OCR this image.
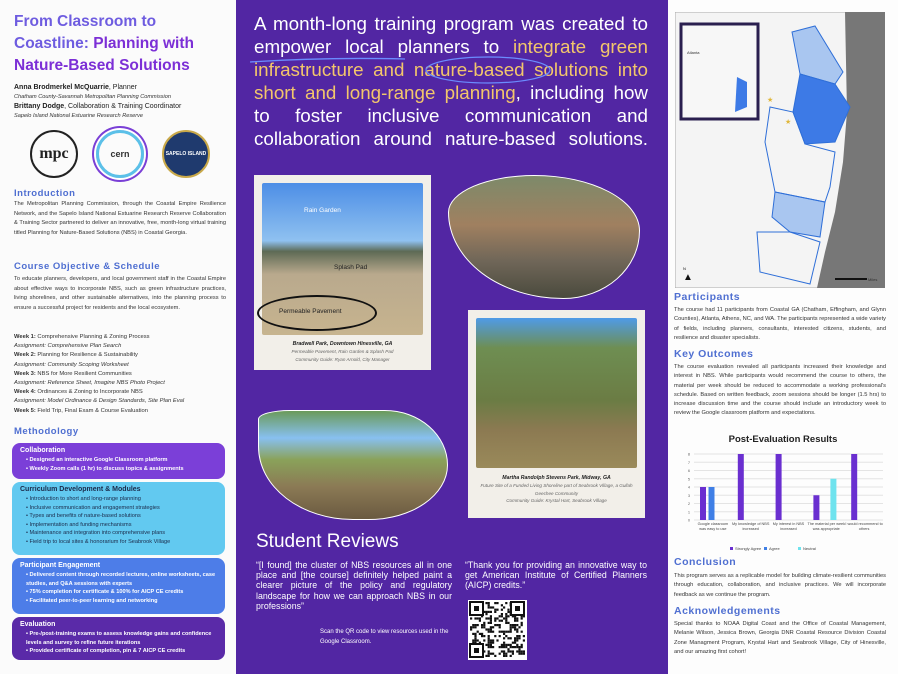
From Classroom to
Coastline: Planning with
Nature-Based Solutions
Anna Brodmerkel McQuarrie, Planner
Chatham County-Savannah Metropolitan Planning Commission
Brittany Dodge, Collaboration & Training Coordinator
Sapelo Island National Estuarine Research Reserve
mpc	cern	SAPELO ISLAND
Introduction
The Metropolitan Planning Commission, through the Coastal Empire Resilience Network, and the Sapelo Island National Estuarine Research Reserve Collaboration & Training Sector partnered to deliver an innovative, free, month-long virtual training titled Planning for Nature-Based Solutions (NBS) in Coastal Georgia.
Course Objective & Schedule
To educate planners, developers, and local government staff in the Coastal Empire about effective ways to incorporate NBS, such as green infrastructure practices, living shorelines, and other sustainable alternatives, into the planning process to ensure a successful project for residents and the local ecosystem.
Week 1: Comprehensive Planning & Zoning Process
Assignment: Comprehensive Plan Search
Week 2: Planning for Resilience & Sustainability
Assignment: Community Scoping Worksheet
Week 3: NBS for More Resilient Communities
Assignment: Reference Sheet, Imagine NBS Photo Project
Week 4: Ordinances & Zoning to Incorporate NBS
Assignment: Model Ordinance & Design Standards, Site Plan Eval
Week 5: Field Trip, Final Exam & Course Evaluation
Methodology
Collaboration
• Designed an interactive Google Classroom platform
• Weekly Zoom calls (1 hr) to discuss topics & assignments
Curriculum Development & Modules
• Introduction to short and long-range planning
• Inclusive communication and engagement strategies
• Types and benefits of nature-based solutions
• Implementation and funding mechanisms
• Maintenance and integration into comprehensive plans
• Field trip to local sites & honorarium for Seabrook Village
Participant Engagement
• Delivered content through recorded lectures, online worksheets, case studies, and Q&A sessions with experts
• 75% completion for certificate & 100% for AICP CE credits
• Facilitated peer-to-peer learning and networking
Evaluation
• Pre-/post-training exams to assess knowledge gains and confidence levels and survey to refine future iterations
• Provided certificate of completion, pin & 7 AICP CE credits
A month-long training program was created to empower local planners to integrate green infrastructure and nature-based solutions into short and long-range planning, including how to foster inclusive communication and collaboration around nature-based solutions.
Rain Garden
Splash Pad
Permeable Pavement
Bradwell Park, Downtown Hinesville, GA
Permeable Pavement, Rain Garden & Splash Pad
Community Guide: Ryan Arnold, City Manager
Martha Randolph Stevens Park, Midway, GA
Future Site of a Funded Living Shoreline part of Seabrook Village, a Gullah Geechee Community
Community Guide: Krystal Hart, Seabrook Village
Student Reviews
“[I found] the cluster of NBS resources all in one place and [the course] definitely helped paint a clearer picture of the policy and regulatory landscape for how we can approach NBS in our professions”
“Thank you for providing an innovative way to get American Institute of Certified Planners (AICP) credits.”
Scan the QR code to view resources used in the Google Classroom.
Atlanta
★
★
▲
N
Miles
Participants
The course had 11 participants from Coastal GA (Chatham, Effingham, and Glynn Counties), Atlanta, Athens, NC, and WA. The participants represented a wide variety of fields, including planners, consultants, interested citizens, students, and resilience and disaster specialists.
Key Outcomes
The course evaluation revealed all participants increased their knowledge and interest in NBS. While participants would recommend the course to others, the material per week should be reduced to accommodate a working professional's schedule. Based on written feedback, zoom sessions should be longer (1.5 hrs) to increase discussion time and the course should include an introductory week to review the Google classroom platform and expectations.
Post-Evaluation Results
0
1
2
3
4
5
6
7
8
Google classroom was easy to use
My knowledge of NBS increased
My interest in NBS increased
The material per week was appropriate
I would recommend to others
Strongly Agree Agree	Neutral
Conclusion
This program serves as a replicable model for building climate-resilient communities through education, collaboration, and inclusive practices. We will incorporate feedback as we continue the program.
Acknowledgements
Special thanks to NOAA Digital Coast and the Office of Coastal Management, Melanie Wilson, Jessica Brown, Georgia DNR Coastal Resource Division Coastal Zone Managment Program, Krystal Hart and Seabrook Village, City of Hinesville, and our amazing first cohort!
